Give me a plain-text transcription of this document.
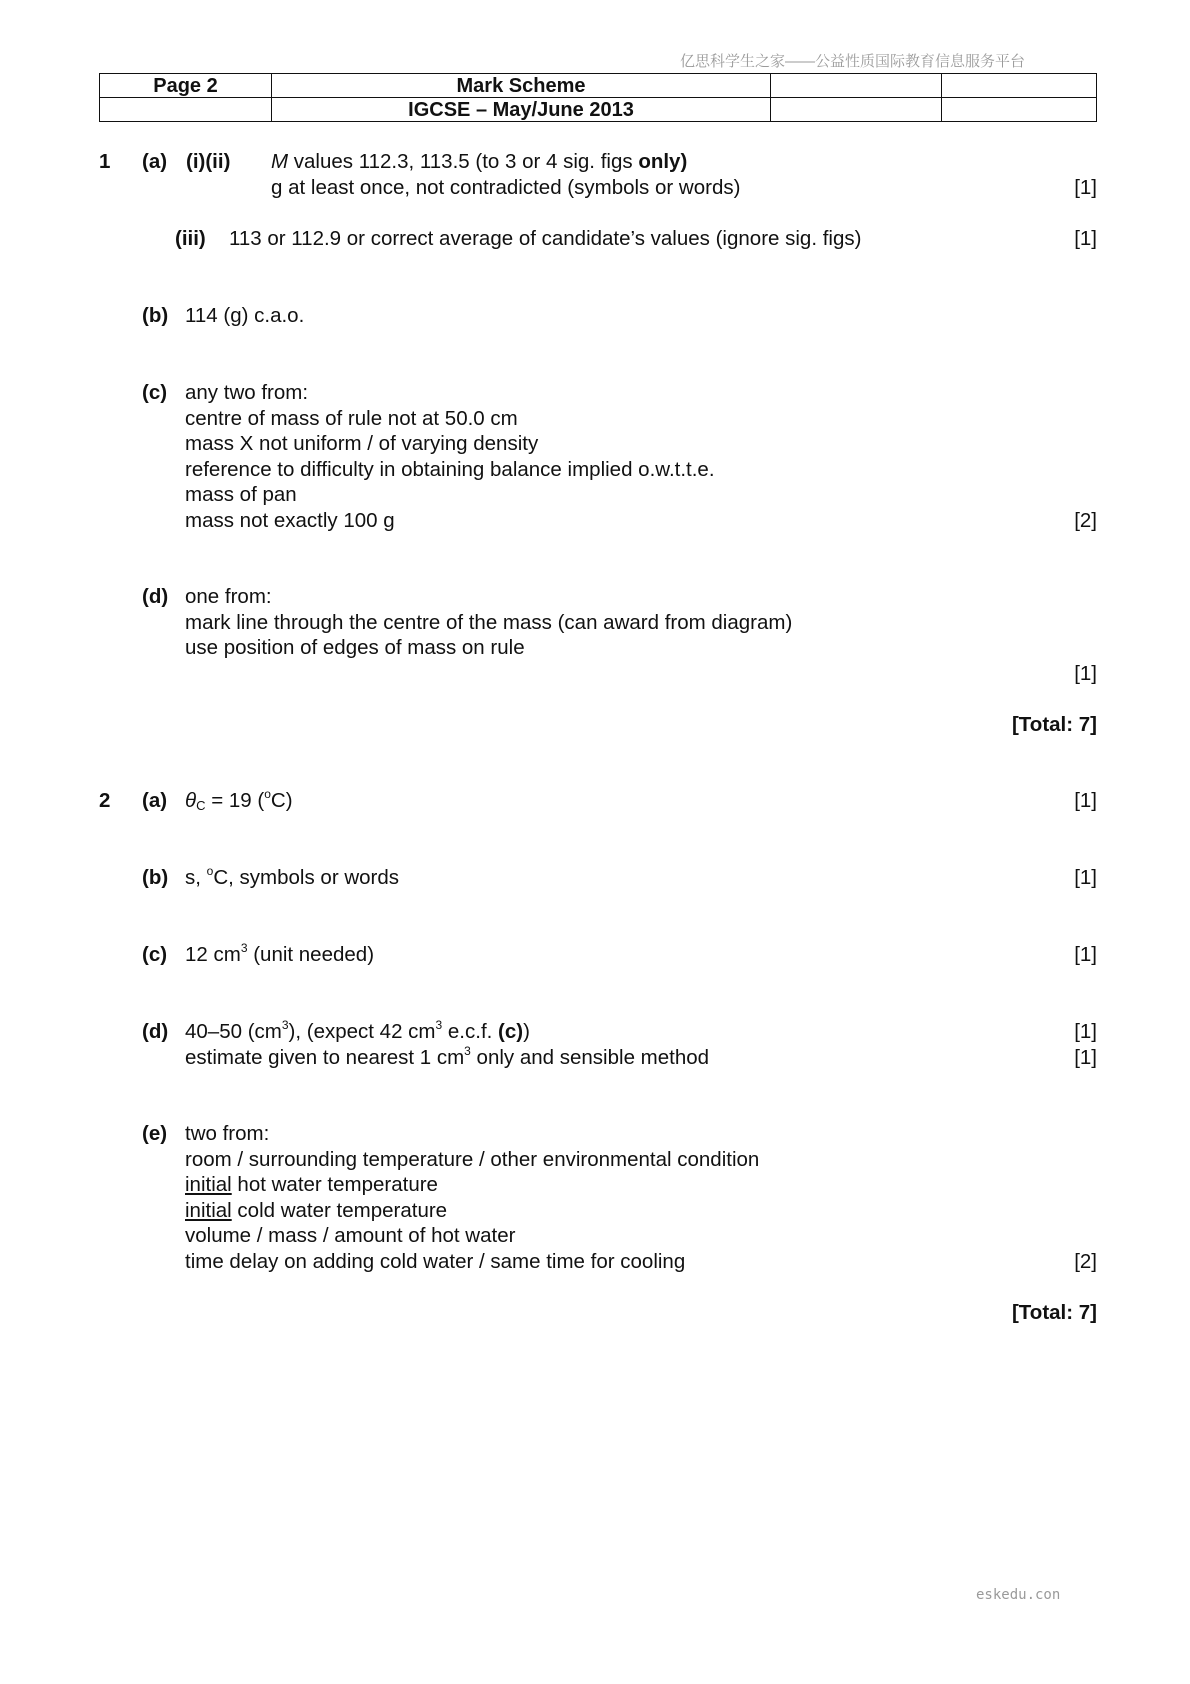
亿思科学生之家——公益性质国际教育信息服务平台
Page 2	Mark Scheme		
	IGCSE – May/June 2013		
1 (a) (i)(ii) M values 112.3, 113.5 (to 3 or 4 sig. figs only)
g at least once, not contradicted (symbols or words)	[1]
(iii) 113 or 112.9 or correct average of candidate’s values (ignore sig. figs)	[1]
(b) 114 (g) c.a.o.
(c) any two from:
centre of mass of rule not at 50.0 cm
mass X not uniform / of varying density
reference to difficulty in obtaining balance implied o.w.t.t.e.
mass of pan
mass not exactly 100 g	[2]
(d) one from:
mark line through the centre of the mass (can award from diagram)
use position of edges of mass on rule
[1]
[Total: 7]
2 (a) $\theta_C = 19$ ($^o$C)	[1]
(b) s, $^o$C, symbols or words	[1]
(c) 12 $cm^3$ (unit needed)	[1]
(d) 40–50 $(cm^3)$, (expect 42 $cm^3$ e.c.f. (c))	[1]
estimate given to nearest 1 $cm^3$ only and sensible method	[1]
(e) two from:
room / surrounding temperature / other environmental condition
initial hot water temperature
initial cold water temperature
volume / mass / amount of hot water
time delay on adding cold water / same time for cooling	[2]
[Total: 7]
eskedu.con
